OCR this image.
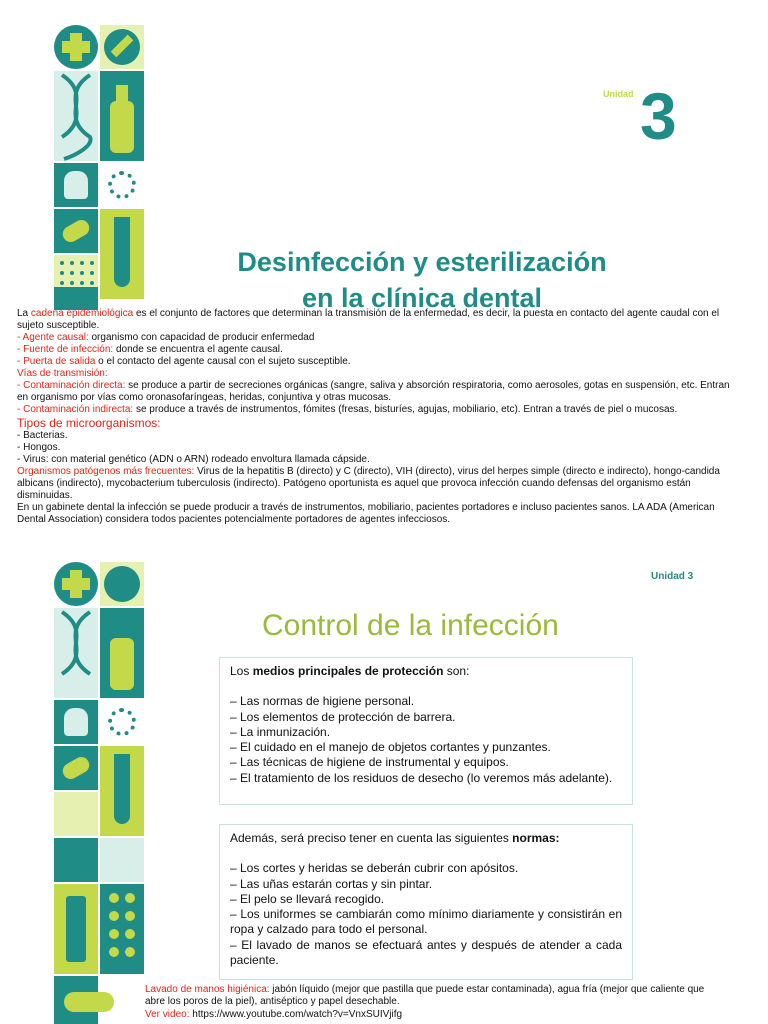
Unidad 3
Desinfección y esterilización
en la clínica dental

La cadena epidemiológica es el conjunto de factores que determinan la transmisión de la enfermedad, es decir, la puesta en contacto del agente caudal con el sujeto susceptible.

- Agente causal: organismo con capacidad de producir enfermedad

- Fuente de infección: donde se encuentra el agente causal.

- Puerta de salida o el contacto del agente causal con el sujeto susceptible.

Vías de transmisión:

- Contaminación directa: se produce a partir de secreciones orgánicas (sangre, saliva y absorción respiratoria, como aerosoles, gotas en suspensión, etc. Entran en organismo por vías como oronasofaríngeas, heridas, conjuntiva y otras mucosas.

- Contaminación indirecta: se produce a través de instrumentos, fómites (fresas, bisturíes, agujas, mobiliario, etc). Entran a través de piel o mucosas.

Tipos de microorganismos:

- Bacterias.

- Hongos.

- Virus: con material genético (ADN o ARN) rodeado envoltura llamada cápside.

Organismos patógenos más frecuentes: Virus de la hepatitis B (directo) y C (directo), VIH (directo), virus del herpes simple (directo e indirecto), hongo-candida albicans (indirecto), mycobacterium tuberculosis (indirecto). Patógeno oportunista es aquel que provoca infección cuando defensas del organismo están disminuidas.

En un gabinete dental la infección se puede producir a través de instrumentos, mobiliario, pacientes portadores e incluso pacientes sanos. LA ADA (American Dental Association) considera todos pacientes potencialmente portadores de agentes infecciosos.

Unidad 3
Control de la infección

Los medios principales de protección son:

– Las normas de higiene personal.

– Los elementos de protección de barrera.

– La inmunización.

– El cuidado en el manejo de objetos cortantes y punzantes.

– Las técnicas de higiene de instrumental y equipos.

– El tratamiento de los residuos de desecho (lo veremos más adelante).

Además, será preciso tener en cuenta las siguientes normas:

– Los cortes y heridas se deberán cubrir con apósitos.

– Las uñas estarán cortas y sin pintar.

– El pelo se llevará recogido.

– Los uniformes se cambiarán como mínimo diariamente y consistirán en ropa y calzado para todo el personal.

– El lavado de manos se efectuará antes y después de atender a cada paciente.

Lavado de manos higiénica: jabón líquido (mejor que pastilla que puede estar contaminada), agua fría (mejor que caliente que abre los poros de la piel), antiséptico y papel desechable.
Ver video: https://www.youtube.com/watch?v=VnxSUIVjifg
